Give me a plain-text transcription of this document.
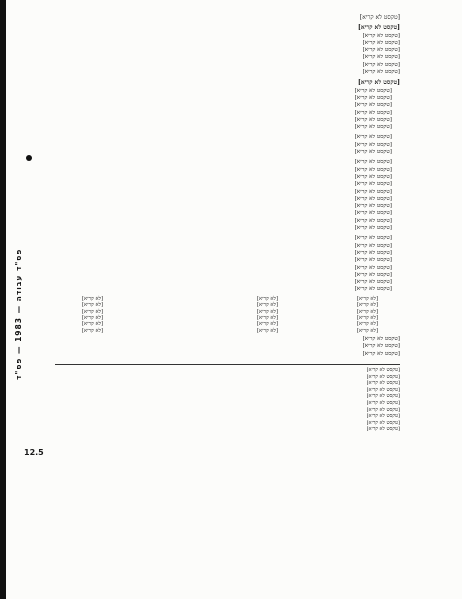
פס"ד עבודה — 1983 — פס"ד
12.5
[טקסט לא קריא]
[טקסט לא קריא]
[טקסט לא קריא]
[טקסט לא קריא]
[טקסט לא קריא]
[טקסט לא קריא]
[טקסט לא קריא]
[טקסט לא קריא]
[טקסט לא קריא]
[טקסט לא קריא]
[טקסט לא קריא]
[טקסט לא קריא]
[טקסט לא קריא]
[טקסט לא קריא]
[טקסט לא קריא]
[טקסט לא קריא]
[טקסט לא קריא]
[טקסט לא קריא]
[טקסט לא קריא]
[טקסט לא קריא]
[טקסט לא קריא]
[טקסט לא קריא]
[טקסט לא קריא]
[טקסט לא קריא]
[טקסט לא קריא]
[טקסט לא קריא]
[טקסט לא קריא]
[טקסט לא קריא]
[טקסט לא קריא]
[טקסט לא קריא]
[טקסט לא קריא]
[טקסט לא קריא]
[טקסט לא קריא]
[טקסט לא קריא]
[טקסט לא קריא]
[טקסט לא קריא]
[לא קריא]	[לא קריא]	[לא קריא]
[לא קריא]	[לא קריא]	[לא קריא]
[לא קריא]	[לא קריא]	[לא קריא]
[לא קריא]	[לא קריא]	[לא קריא]
[לא קריא]	[לא קריא]	[לא קריא]
[לא קריא]	[לא קריא]	[לא קריא]
[טקסט לא קריא]
[טקסט לא קריא]
[טקסט לא קריא]
[טקסט לא קריא]
[טקסט לא קריא]
[טקסט לא קריא]
[טקסט לא קריא]
[טקסט לא קריא]
[טקסט לא קריא]
[טקסט לא קריא]
[טקסט לא קריא]
[טקסט לא קריא]
[טקסט לא קריא]
